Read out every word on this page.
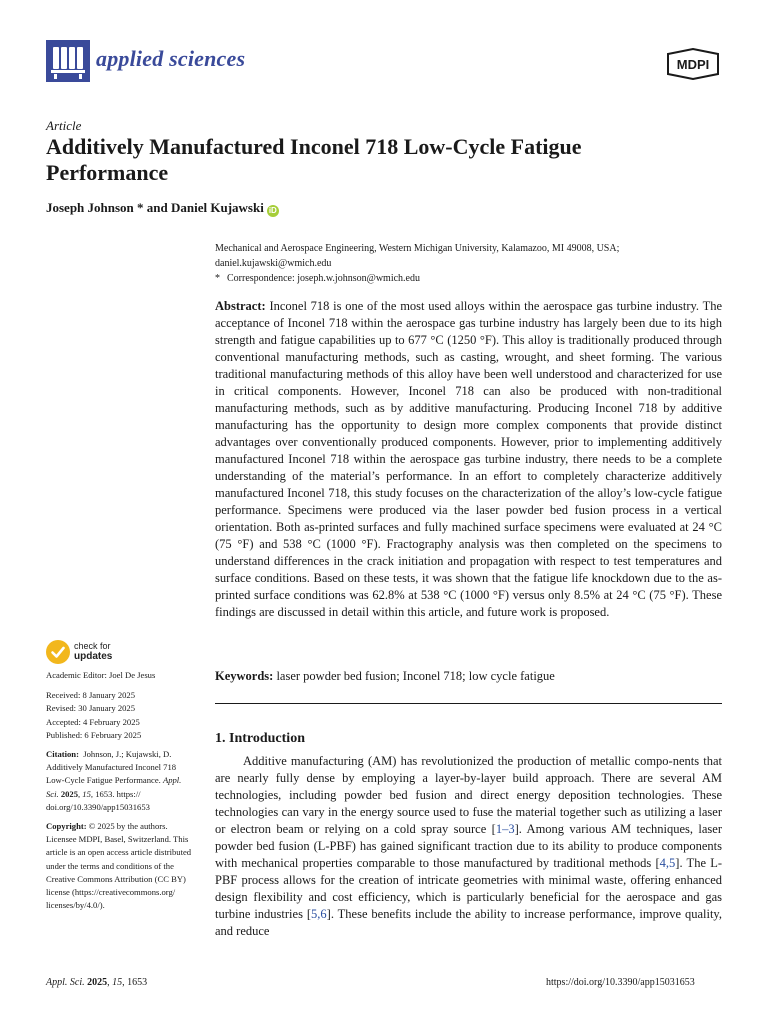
applied sciences	MDPI
Article
Additively Manufactured Inconel 718 Low-Cycle Fatigue Performance
Joseph Johnson * and Daniel Kujawski iD
Mechanical and Aerospace Engineering, Western Michigan University, Kalamazoo, MI 49008, USA;
daniel.kujawski@wmich.edu
* Correspondence: joseph.w.johnson@wmich.edu

Abstract: Inconel 718 is one of the most used alloys within the aerospace gas turbine industry. The acceptance of Inconel 718 within the aerospace gas turbine industry has largely been due to its high strength and fatigue capabilities up to 677 °C (1250 °F). This alloy is traditionally produced through conventional manufacturing methods, such as casting, wrought, and sheet forming. The various traditional manufacturing methods of this alloy have been well understood and characterized for use in critical components. However, Inconel 718 can also be produced with non-traditional manufacturing methods, such as by additive manufacturing. Producing Inconel 718 by additive manufacturing has the opportunity to design more complex components that provide distinct advantages over conventionally produced components. However, prior to implementing additively manufactured Inconel 718 within the aerospace gas turbine industry, there needs to be a complete understanding of the material’s performance. In an effort to completely characterize additively manufactured Inconel 718, this study focuses on the characterization of the alloy’s low-cycle fatigue performance. Specimens were produced via the laser powder bed fusion process in a vertical orientation. Both as-printed surfaces and fully machined surface specimens were evaluated at 24 °C (75 °F) and 538 °C (1000 °F). Fractography analysis was then completed on the specimens to understand differences in the crack initiation and propagation with respect to test temperatures and surface conditions. Based on these tests, it was shown that the fatigue life knockdown due to the as-printed surface conditions was 62.8% at 538 °C (1000 °F) versus only 8.5% at 24 °C (75 °F). These findings are discussed in detail within this article, and future work is proposed.

Keywords: laser powder bed fusion; Inconel 718; low cycle fatigue
1. Introduction

Additive manufacturing (AM) has revolutionized the production of metallic compo-nents that are nearly fully dense by employing a layer-by-layer build approach. There are several AM technologies, including powder bed fusion and direct energy deposition technologies. These technologies can vary in the energy source used to fuse the material together such as utilizing a laser or electron beam or relying on a cold spray source [1–3]. Among various AM techniques, laser powder bed fusion (L-PBF) has gained significant traction due to its ability to produce components with mechanical properties comparable to those manufactured by traditional methods [4,5]. The L-PBF process allows for the creation of intricate geometries with minimal waste, offering enhanced design flexibility and cost efficiency, which is particularly beneficial for the aerospace and gas turbine industries [5,6]. These benefits include the ability to increase performance, improve quality, and reduce

check for
updates

Academic Editor: Joel De Jesus

Received: 8 January 2025

Revised: 30 January 2025

Accepted: 4 February 2025

Published: 6 February 2025

Citation: Johnson, J.; Kujawski, D. Additively Manufactured Inconel 718 Low-Cycle Fatigue Performance. Appl. Sci. 2025, 15, 1653. https:// doi.org/10.3390/app15031653

Copyright: © 2025 by the authors. Licensee MDPI, Basel, Switzerland. This article is an open access article distributed under the terms and conditions of the Creative Commons Attribution (CC BY) license (https://creativecommons.org/ licenses/by/4.0/).

Appl. Sci. 2025, 15, 1653	https://doi.org/10.3390/app15031653
